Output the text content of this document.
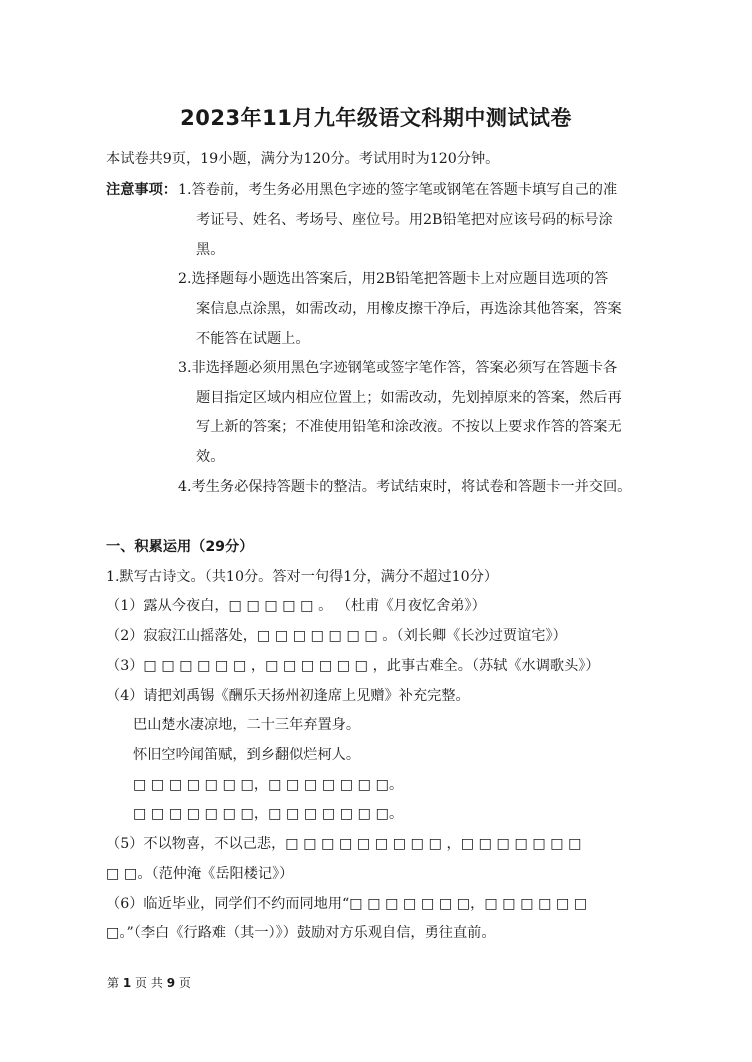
2023年11月九年级语文科期中测试试卷
本试卷共9页，19小题，满分为120分。考试用时为120分钟。
注意事项： 1.答卷前，考生务必用黑色字迹的签字笔或钢笔在答题卡填写自己的准
考证号、姓名、考场号、座位号。用2B铅笔把对应该号码的标号涂
黑。
2.选择题每小题选出答案后，用2B铅笔把答题卡上对应题目选项的答
案信息点涂黑，如需改动，用橡皮擦干净后，再选涂其他答案，答案
不能答在试题上。
3.非选择题必须用黑色字迹钢笔或签字笔作答，答案必须写在答题卡各
题目指定区域内相应位置上；如需改动，先划掉原来的答案，然后再
写上新的答案；不准使用铅笔和涂改液。不按以上要求作答的答案无
效。
4.考生务必保持答题卡的整洁。考试结束时，将试卷和答题卡一并交回。
一、积累运用（29分）
1.默写古诗文。（共10分。答对一句得1分，满分不超过10分）
（1）露从今夜白，□ □ □ □ □ 。 （杜甫《月夜忆舍弟》）
（2）寂寂江山摇落处，□ □ □ □ □ □ □ 。（刘长卿《长沙过贾谊宅》）
（3）□ □ □ □ □ □ ，□ □ □ □ □ □ ，此事古难全。（苏轼《水调歌头》）
（4）请把刘禹锡《酬乐天扬州初逢席上见赠》补充完整。
巴山楚水凄凉地，二十三年弃置身。
怀旧空吟闻笛赋，到乡翻似烂柯人。
□ □ □ □ □ □ □，□ □ □ □ □ □ □。
□ □ □ □ □ □ □，□ □ □ □ □ □ □。
（5）不以物喜，不以己悲，□ □ □ □ □ □ □ □ □ ，□ □ □ □ □ □ □
□ □。（范仲淹《岳阳楼记》）
（6）临近毕业，同学们不约而同地用“□ □ □ □ □ □ □，□ □ □ □ □ □
□。”（李白《行路难（其一）》）鼓励对方乐观自信，勇往直前。
第 1 页 共 9 页
